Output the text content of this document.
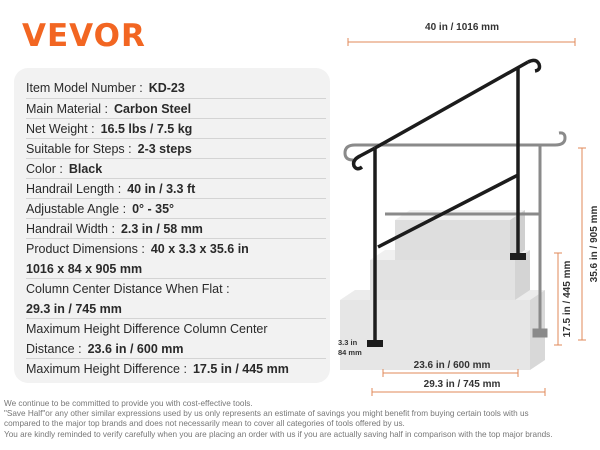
VEVOR
Item Model Number : KD-23
Main Material : Carbon Steel
Net Weight : 16.5 lbs / 7.5 kg
Suitable for Steps : 2-3 steps
Color : Black
Handrail Length : 40 in / 3.3 ft
Adjustable Angle : 0° - 35°
Handrail Width : 2.3 in / 58 mm
Product Dimensions : 40 x 3.3 x 35.6 in
1016 x 84 x 905 mm
Column Center Distance When Flat :
29.3 in / 745 mm
Maximum Height Difference Column Center
Distance : 23.6 in / 600 mm
Maximum Height Difference : 17.5 in / 445 mm
40 in / 1016 mm
35.6 in / 905 mm
17.5 in / 445 mm
3.3 in
84 mm
23.6 in / 600 mm
29.3 in / 745 mm
We continue to be committed to provide you with cost-effective tools.
"Save Half"or any other similar expressions used by us only represents an estimate of savings you might benefit from buying certain tools with us
compared to the major top brands and does not necessarily mean to cover all categories of tools offered by us.
You are kindly reminded to verify carefully when you are placing an order with us if you are actually saving half in comparison with the top major brands.
